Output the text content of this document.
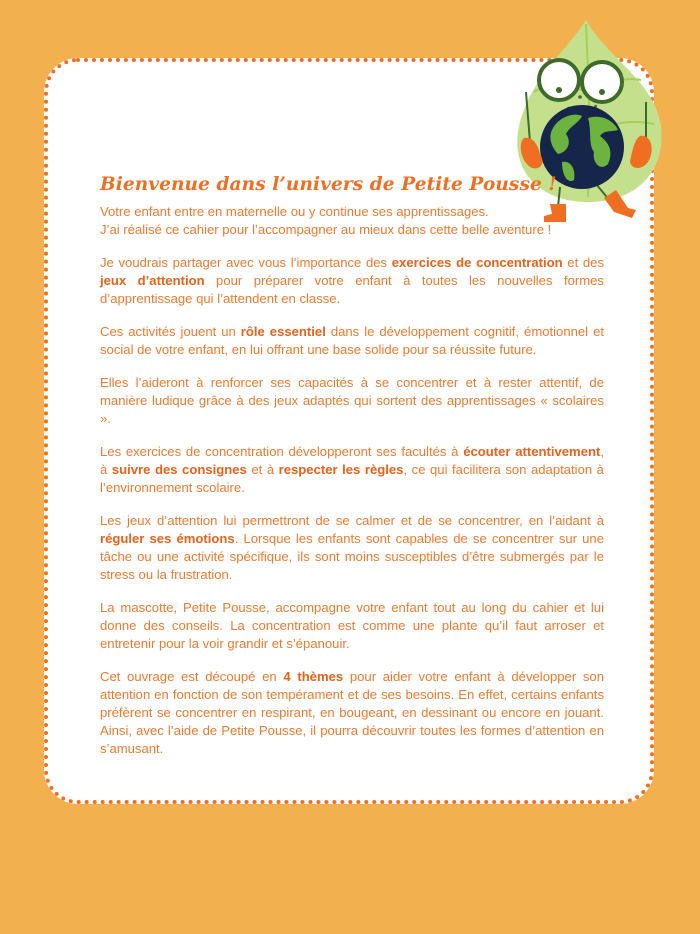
Bienvenue dans l’univers de Petite Pousse !

Votre enfant entre en maternelle ou y continue ses apprentissages.
J’ai réalisé ce cahier pour l’accompagner au mieux dans cette belle aventure !

Je voudrais partager avec vous l’importance des exercices de concentration et des jeux d’attention pour préparer votre enfant à toutes les nouvelles formes d’apprentissage qui l’attendent en classe.

Ces activités jouent un rôle essentiel dans le développement cognitif, émotionnel et social de votre enfant, en lui offrant une base solide pour sa réussite future.

Elles l’aideront à renforcer ses capacités à se concentrer et à rester attentif, de manière ludique grâce à des jeux adaptés qui sortent des apprentissages « scolaires ».

Les exercices de concentration développeront ses facultés à écouter attentivement, à suivre des consignes et à respecter les règles, ce qui facilitera son adaptation à l’environnement scolaire.

Les jeux d’attention lui permettront de se calmer et de se concentrer, en l’aidant à réguler ses émotions. Lorsque les enfants sont capables de se concentrer sur une tâche ou une activité spécifique, ils sont moins susceptibles d’être submergés par le stress ou la frustration.

La mascotte, Petite Pousse, accompagne votre enfant tout au long du cahier et lui donne des conseils. La concentration est comme une plante qu’il faut arroser et entretenir pour la voir grandir et s’épanouir.

Cet ouvrage est découpé en 4 thèmes pour aider votre enfant à développer son attention en fonction de son tempérament et de ses besoins. En effet, certains enfants préfèrent se concentrer en respirant, en bougeant, en dessinant ou encore en jouant. Ainsi, avec l’aide de Petite Pousse, il pourra découvrir toutes les formes d’attention en s’amusant.
